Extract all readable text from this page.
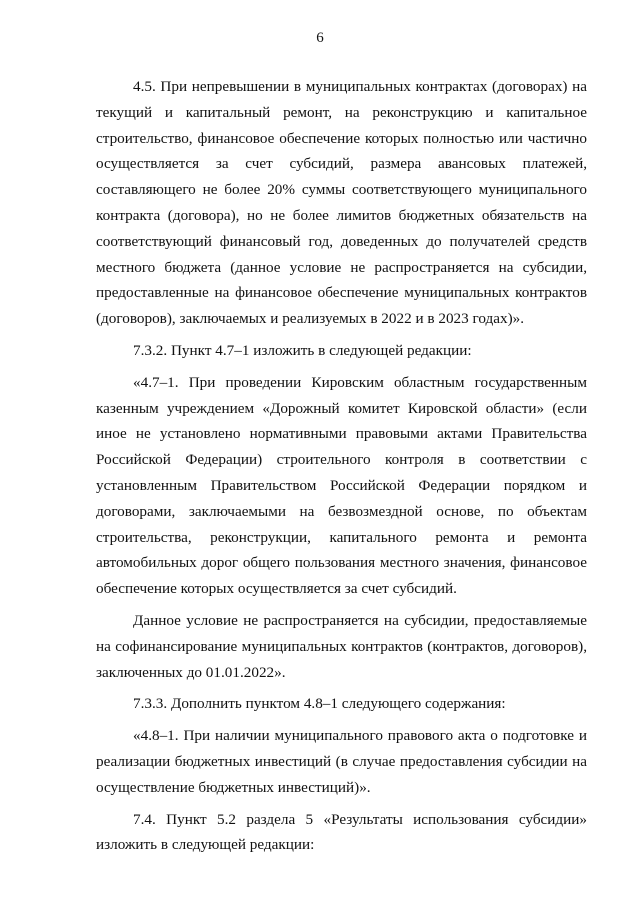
6

4.5. При непревышении в муниципальных контрактах (договорах) на текущий и капитальный ремонт, на реконструкцию и капитальное строительство, финансовое обеспечение которых полностью или частично осуществляется за счет субсидий, размера авансовых платежей, составляющего не более 20% суммы соответствующего муниципального контракта (договора), но не более лимитов бюджетных обязательств на соответствующий финансовый год, доведенных до получателей средств местного бюджета (данное условие не распространяется на субсидии, предоставленные на финансовое обеспечение муниципальных контрактов (договоров), заключаемых и реализуемых в 2022 и в 2023 годах)».

7.3.2. Пункт 4.7–1 изложить в следующей редакции:

«4.7–1. При проведении Кировским областным государственным казенным учреждением «Дорожный комитет Кировской области» (если иное не установлено нормативными правовыми актами Правительства Российской Федерации) строительного контроля в соответствии с установленным Правительством Российской Федерации порядком и договорами, заключаемыми на безвозмездной основе, по объектам строительства, реконструкции, капитального ремонта и ремонта автомобильных дорог общего пользования местного значения, финансовое обеспечение которых осуществляется за счет субсидий.

Данное условие не распространяется на субсидии, предоставляемые на софинансирование муниципальных контрактов (контрактов, договоров), заключенных до 01.01.2022».

7.3.3. Дополнить пунктом 4.8–1 следующего содержания:

«4.8–1. При наличии муниципального правового акта о подготовке и реализации бюджетных инвестиций (в случае предоставления субсидии на осуществление бюджетных инвестиций)».

7.4. Пункт 5.2 раздела 5 «Результаты использования субсидии» изложить в следующей редакции:
